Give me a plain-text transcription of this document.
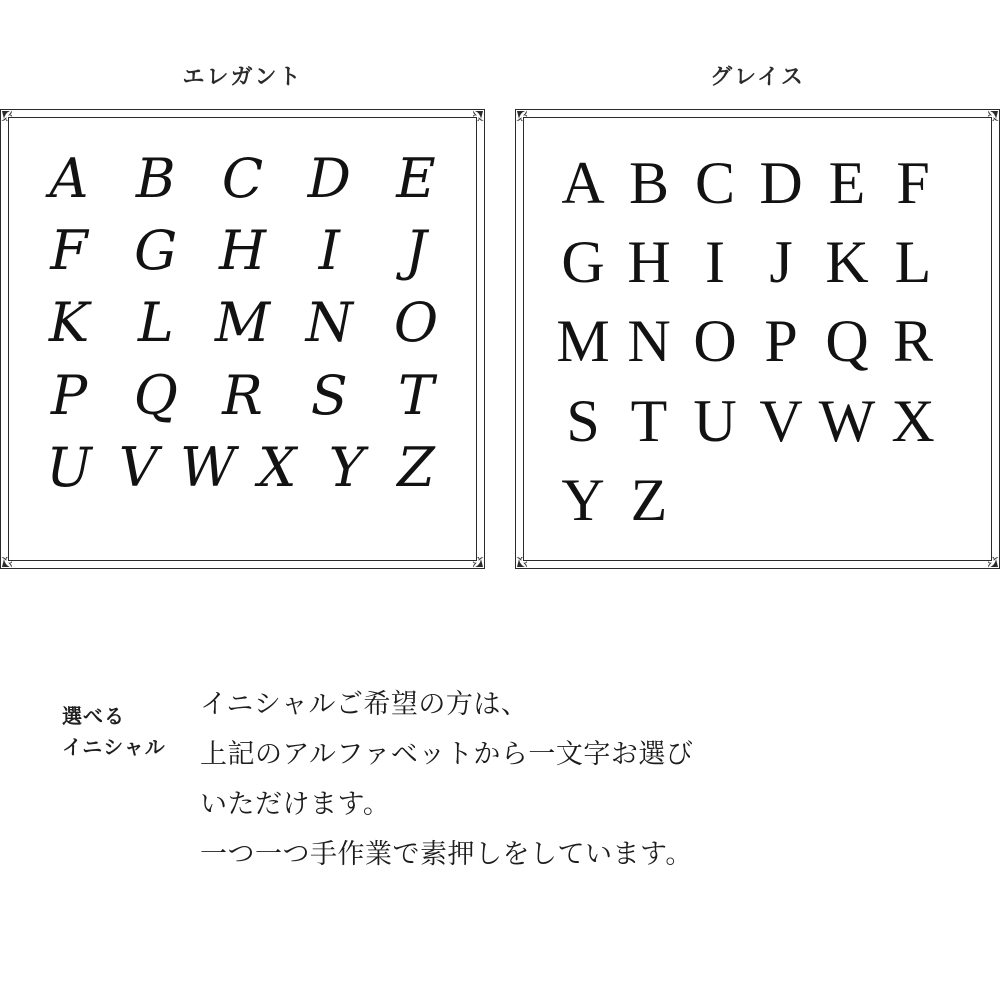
エレガント
A B C D E
F G H I	J
K L M N O
P Q R S T
U V W X Y Z
グレイス
A B C D E F
G H I J K L
M N O P Q R
S T U V W X
Y Z
選べる
イニシャル

イニシャルご希望の方は、

上記のアルファベットから一文字お選び

いただけます。

一つ一つ手作業で素押しをしています。
